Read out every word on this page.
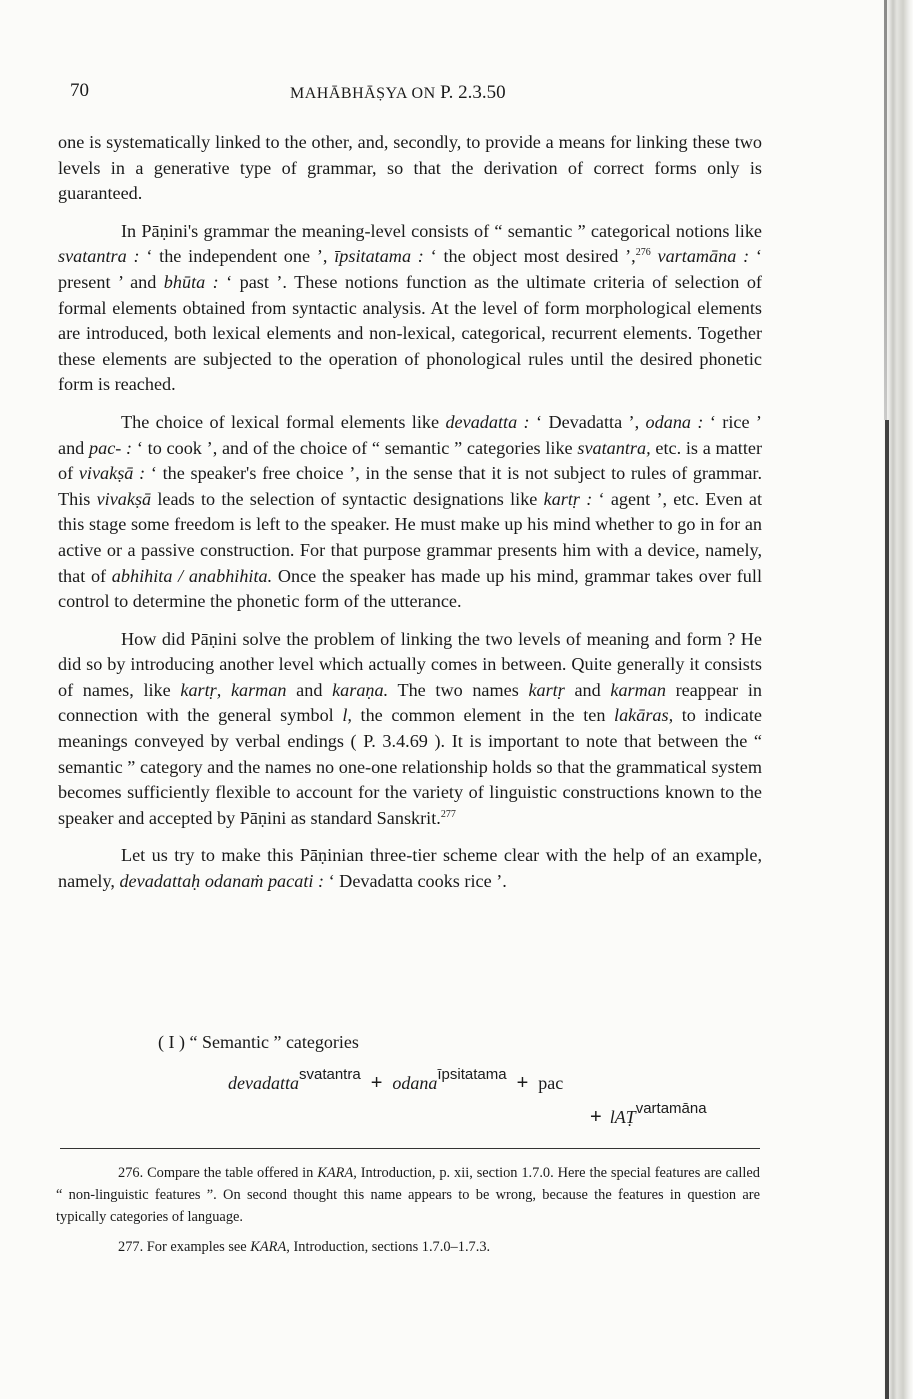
70	MAHĀBHĀṢYA ON P. 2.3.50

one is systematically linked to the other, and, secondly, to provide a means for linking these two levels in a generative type of grammar, so that the derivation of correct forms only is guaranteed.

In Pāṇini's grammar the meaning-level consists of “ semantic ” categorical notions like svatantra : ‘ the independent one ’, īpsitatama : ‘ the object most desired ’,$^{276}$ vartamāna : ‘ present ’ and bhūta : ‘ past ’. These notions function as the ultimate criteria of selection of formal elements obtained from syntactic analysis. At the level of form morphological elements are introduced, both lexical elements and non-lexical, categorical, recurrent elements. Together these elements are subjected to the operation of phonological rules until the desired phonetic form is reached.

The choice of lexical formal elements like devadatta : ‘ Devadatta ’, odana : ‘ rice ’ and pac- : ‘ to cook ’, and of the choice of “ semantic ” categories like svatantra, etc. is a matter of vivakṣā : ‘ the speaker's free choice ’, in the sense that it is not subject to rules of grammar. This vivakṣā leads to the selection of syntactic designations like kartṛ : ‘ agent ’, etc. Even at this stage some freedom is left to the speaker. He must make up his mind whether to go in for an active or a passive construction. For that purpose grammar presents him with a device, namely, that of abhihita / anabhihita. Once the speaker has made up his mind, grammar takes over full control to determine the phonetic form of the utterance.

How did Pāṇini solve the problem of linking the two levels of meaning and form ? He did so by introducing another level which actually comes in between. Quite generally it consists of names, like kartṛ, karman and karaṇa. The two names kartṛ and karman reappear in connection with the general symbol l, the common element in the ten lakāras, to indicate meanings conveyed by verbal endings ( P. 3.4.69 ). It is important to note that between the “ semantic ” category and the names no one-one relationship holds so that the grammatical system becomes sufficiently flexible to account for the variety of linguistic constructions known to the speaker and accepted by Pāṇini as standard Sanskrit.$^{277}$

Let us try to make this Pāṇinian three-tier scheme clear with the help of an example, namely, devadattaḥ odanaṁ pacati : ‘ Devadatta cooks rice ’.

( I ) “ Semantic ” categories
devadatta$^{svatantra}$ + odana$^{īpsitatama}$ + pac
+ lAṬ$^{vartamāna}$

276. Compare the table offered in KARA, Introduction, p. xii, section 1.7.0. Here the special features are called “ non-linguistic features ”. On second thought this name appears to be wrong, because the features in question are typically categories of language.

277. For examples see KARA, Introduction, sections 1.7.0–1.7.3.
